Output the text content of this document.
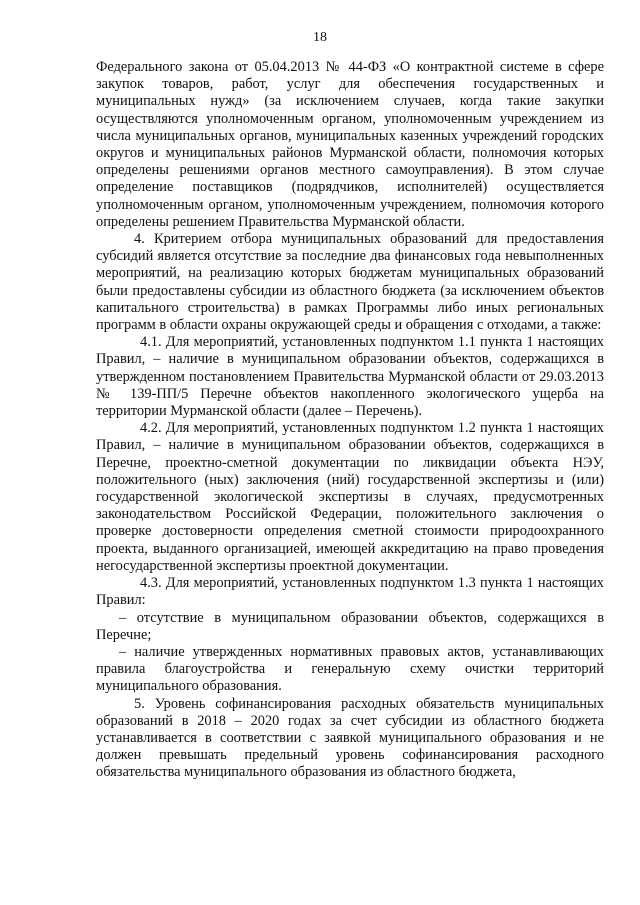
18

Федерального закона от 05.04.2013 № 44-ФЗ «О контрактной системе в сфере закупок товаров, работ, услуг для обеспечения государственных и муниципальных нужд» (за исключением случаев, когда такие закупки осуществляются уполномоченным органом, уполномоченным учреждением из числа муниципальных органов, муниципальных казенных учреждений городских округов и муниципальных районов Мурманской области, полномочия которых определены решениями органов местного самоуправления). В этом случае определение поставщиков (подрядчиков, исполнителей) осуществляется уполномоченным органом, уполномоченным учреждением, полномочия которого определены решением Правительства Мурманской области.

4. Критерием отбора муниципальных образований для предоставления субсидий является отсутствие за последние два финансовых года невыполненных мероприятий, на реализацию которых бюджетам муниципальных образований были предоставлены субсидии из областного бюджета (за исключением объектов капитального строительства) в рамках Программы либо иных региональных программ в области охраны окружающей среды и обращения с отходами, а также:

4.1. Для мероприятий, установленных подпунктом 1.1 пункта 1 настоящих Правил, – наличие в муниципальном образовании объектов, содержащихся в утвержденном постановлением Правительства Мурманской области от 29.03.2013 № 139-ПП/5 Перечне объектов накопленного экологического ущерба на территории Мурманской области (далее – Перечень).

4.2. Для мероприятий, установленных подпунктом 1.2 пункта 1 настоящих Правил, – наличие в муниципальном образовании объектов, содержащихся в Перечне, проектно-сметной документации по ликвидации объекта НЭУ, положительного (ных) заключения (ний) государственной экспертизы и (или) государственной экологической экспертизы в случаях, предусмотренных законодательством Российской Федерации, положительного заключения о проверке достоверности определения сметной стоимости природоохранного проекта, выданного организацией, имеющей аккредитацию на право проведения негосударственной экспертизы проектной документации.

4.3. Для мероприятий, установленных подпунктом 1.3 пункта 1 настоящих Правил:

– отсутствие в муниципальном образовании объектов, содержащихся в Перечне;

– наличие утвержденных нормативных правовых актов, устанавливающих правила благоустройства и генеральную схему очистки территорий муниципального образования.

5. Уровень софинансирования расходных обязательств муниципальных образований в 2018 – 2020 годах за счет субсидии из областного бюджета устанавливается в соответствии с заявкой муниципального образования и не должен превышать предельный уровень софинансирования расходного обязательства муниципального образования из областного бюджета,
